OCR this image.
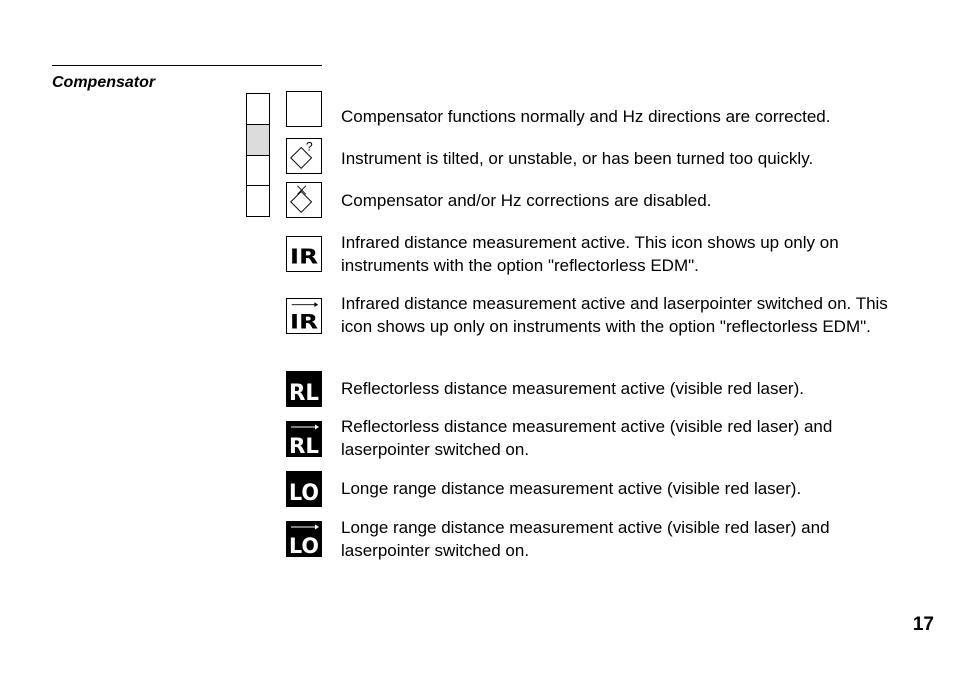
Compensator
Compensator functions normally and Hz directions are corrected.
?
Instrument is tilted, or unstable, or has been turned too quickly.
Compensator and/or Hz corrections are disabled.
IR
Infrared distance measurement active. This icon shows up only on instruments with the option "reflectorless EDM".
IR
Infrared distance measurement active and laserpointer switched on. This icon shows up only on instruments with the option "reflectorless EDM".
RL Reflectorless distance measurement active (visible red laser).
RL
Reflectorless distance measurement active (visible red laser) and laserpointer switched on.
LO Longe range distance measurement active (visible red laser).
LO
Longe range distance measurement active (visible red laser) and laserpointer switched on.
17
